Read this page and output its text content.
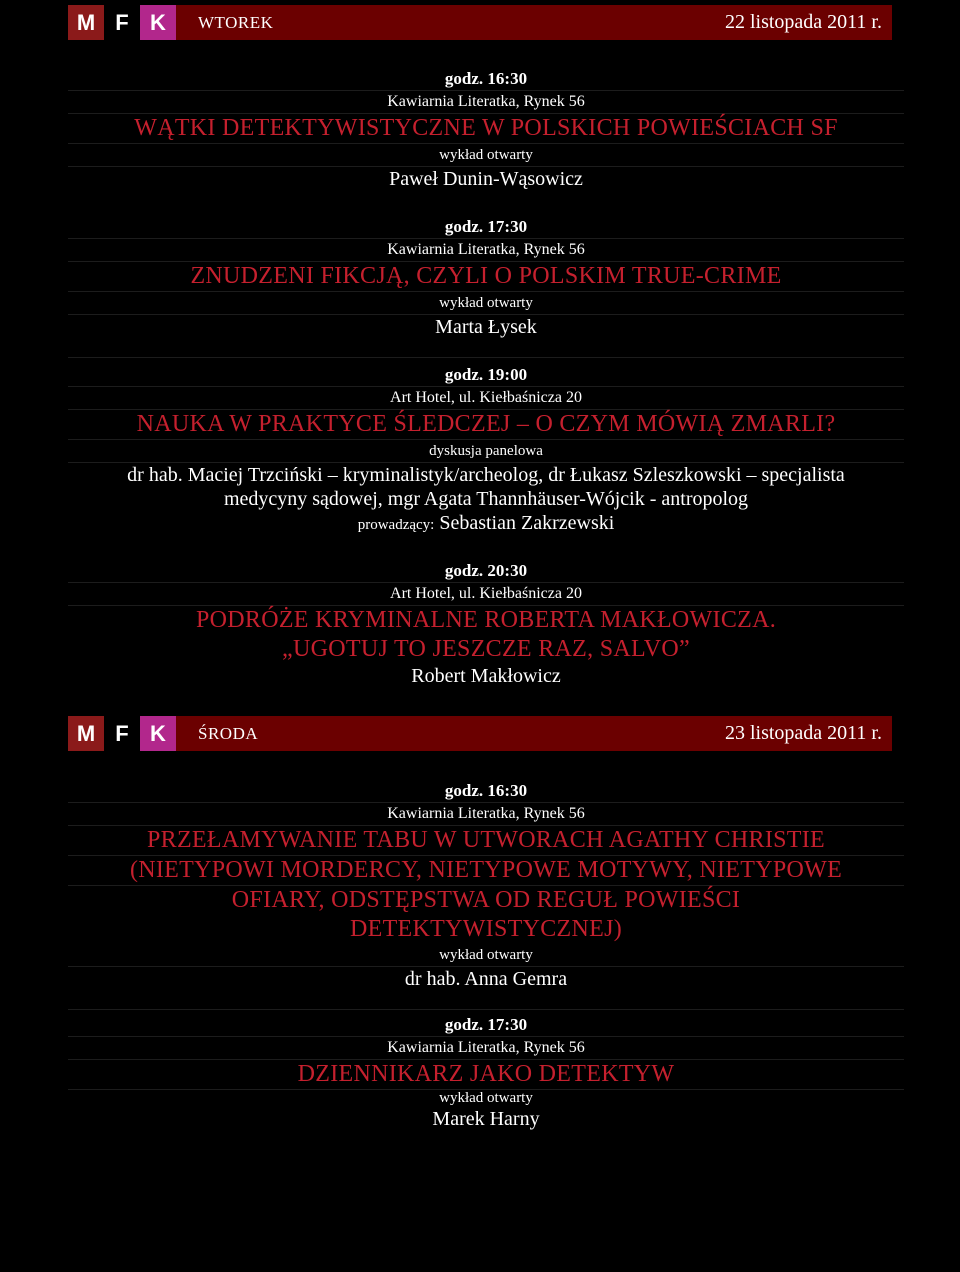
M F K	WTOREK	22 listopada 2011 r.
godz. 16:30
Kawiarnia Literatka, Rynek 56
WĄTKI DETEKTYWISTYCZNE W POLSKICH POWIEŚCIACH SF
wykład otwarty
Paweł Dunin-Wąsowicz
godz. 17:30
Kawiarnia Literatka, Rynek 56
ZNUDZENI FIKCJĄ, CZYLI O POLSKIM TRUE-CRIME
wykład otwarty
Marta Łysek
godz. 19:00
Art Hotel, ul. Kiełbaśnicza 20
NAUKA W PRAKTYCE ŚLEDCZEJ – O CZYM MÓWIĄ ZMARLI?
dyskusja panelowa
dr hab. Maciej Trzciński – kryminalistyk/archeolog, dr Łukasz Szleszkowski – specjalista
medycyny sądowej, mgr Agata Thannhäuser-Wójcik - antropolog
prowadzący: Sebastian Zakrzewski
godz. 20:30
Art Hotel, ul. Kiełbaśnicza 20
PODRÓŻE KRYMINALNE ROBERTA MAKŁOWICZA.
„UGOTUJ TO JESZCZE RAZ, SALVO”
Robert Makłowicz
M F K	ŚRODA	23 listopada 2011 r.
godz. 16:30
Kawiarnia Literatka, Rynek 56
PRZEŁAMYWANIE TABU W UTWORACH AGATHY CHRISTIE
(NIETYPOWI MORDERCY, NIETYPOWE MOTYWY, NIETYPOWE
OFIARY, ODSTĘPSTWA OD REGUŁ POWIEŚCI
DETEKTYWISTYCZNEJ)
wykład otwarty
dr hab. Anna Gemra
godz. 17:30
Kawiarnia Literatka, Rynek 56
DZIENNIKARZ JAKO DETEKTYW
wykład otwarty
Marek Harny
